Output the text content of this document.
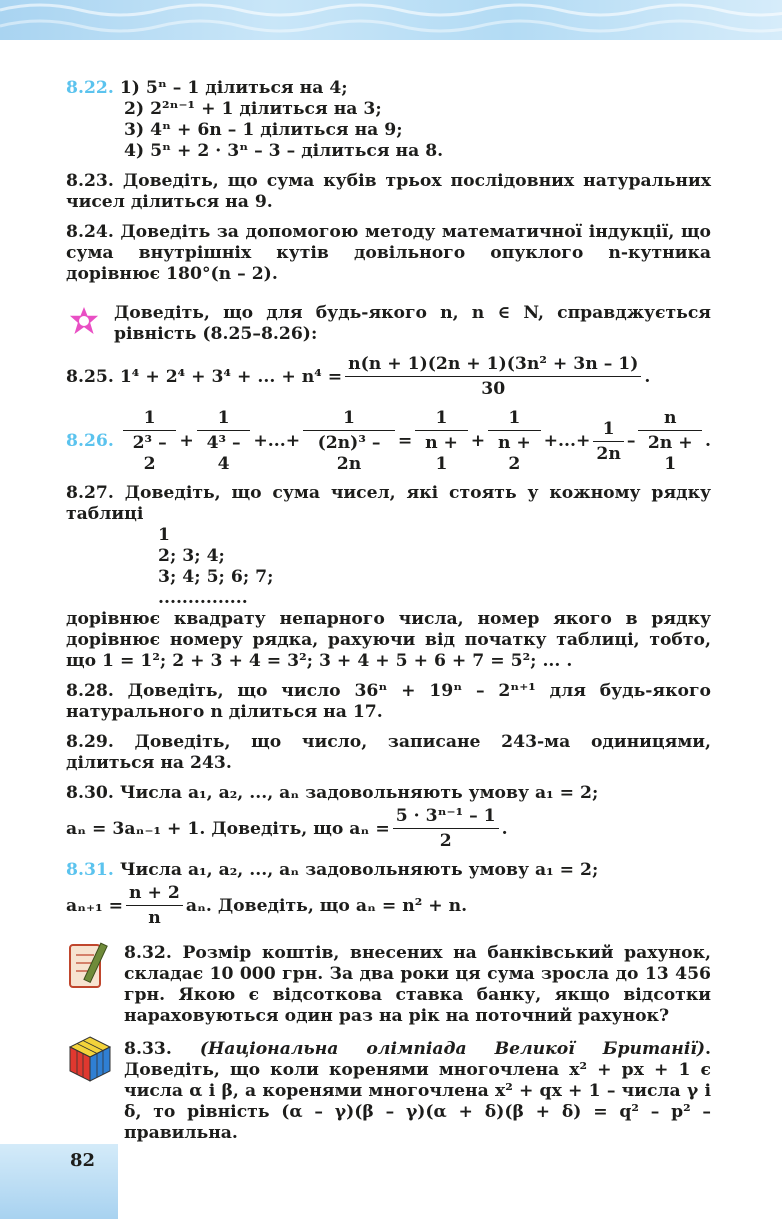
8.22. 1) 5ⁿ – 1 ділиться на 4;

2) 2²ⁿ⁻¹ + 1 ділиться на 3;

3) 4ⁿ + 6n – 1 ділиться на 9;

4) 5ⁿ + 2 · 3ⁿ – 3 – ділиться на 8.

8.23. Доведіть, що сума кубів трьох послідовних натуральних чисел ділиться на 9.
8.24. Доведіть за допомогою методу математичної індукції, що сума внутрішніх кутів довільного опуклого n-кутника дорівнює 180°(n – 2).
Доведіть, що для будь-якого n, n ∈ N, справджується рівність (8.25–8.26):
8.25.
1⁴ + 2⁴ + 3⁴ + ... + $n^4 = \frac{\text{n(n + 1)(2n + 1)(3n² + 3n – 1)}}{30}$ .
8.26.
$\frac{1}{\text{2³ – 2}} + \frac{1}{\text{4³ – 4}}$ +...+ $\frac{1}{\text{(2n)³ – 2n}} = \frac{1}{n + 1} + \frac{1}{n + 2}$ +...+ $\frac{1}{2n} - \frac{n}{2n + 1}$ .
8.27. Доведіть, що сума чисел, які стоять у кожному рядку таблиці

1

2; 3; 4;

3; 4; 5; 6; 7;

...............

дорівнює квадрату непарного числа, номер якого в рядку дорівнює номеру рядка, рахуючи від початку таблиці, тобто, що 1 = 1²; 2 + 3 + 4 = 3²; 3 + 4 + 5 + 6 + 7 = 5²; ... .
8.28. Доведіть, що число 36ⁿ + 19ⁿ – 2ⁿ⁺¹ для будь-якого натурального n ділиться на 17.
8.29. Доведіть, що число, записане 243-ма одиницями, ділиться на 243.
8.30. Числа a₁, a₂, ..., aₙ задовольняють умову a₁ = 2;
aₙ = 3aₙ₋₁ + 1. Доведіть, що $a_n = \frac{\text{5 · 3ⁿ⁻¹ – 1}}{2}$ .
8.31. Числа a₁, a₂, ..., aₙ задовольняють умову a₁ = 2;
$a_{n+1} = \frac{n + 2}{n} a_n$. Доведіть, що aₙ = n² + n.
8.32. Розмір коштів, внесених на банківський рахунок, складає 10 000 грн. За два роки ця сума зросла до 13 456 грн. Якою є відсоткова ставка банку, якщо відсотки нараховуються один раз на рік на поточний рахунок?
8.33. (Національна олімпіада Великої Британії). Доведіть, що коли коренями многочлена x² + px + 1 є числа α і β, а коренями многочлена x² + qx + 1 – числа γ і δ, то рівність (α – γ)(β – γ)(α + δ)(β + δ) = q² – p² – правильна.
82
